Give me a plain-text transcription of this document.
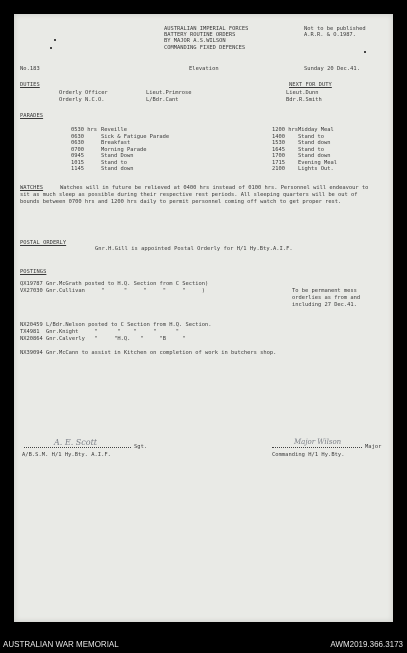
AUSTRALIAN IMPERIAL FORCES
BATTERY ROUTINE ORDERS
BY MAJOR A.S.WILSON
COMMANDING FIXED DEFENCES
Not to be published
A.R.R. & O.1987.
No.183	Elevation	Sunday 20 Dec.41.
DUTIES	NEXT FOR DUTY
Orderly Officer	Lieut.Primrose	Lieut.Dunn
Orderly N.C.O.	L/Bdr.Cant	Bdr.R.Smith
PARADES
0530 hrs Reveille	1200 hrs Midday Meal
0630	Sick & Fatigue Parade	1400 Stand to
0630	Breakfast	1530 Stand down
0700	Morning Parade	1645 Stand to
0945	Stand Down	1700 Stand down
1015	Stand to	1715 Evening Meal
1145	Stand down	2100 Lights Out.
WATCHES	Watches will in future be relieved at 0400 hrs instead of 0100 hrs. Personnel will endeavour to sit as much sleep as possible during their respective rest periods. All sleeping quarters will be out of bounds between 0700 hrs and 1200 hrs daily to permit personnel coming off watch to get proper rest.
POSTAL ORDERLY
Gnr.H.Gill is appointed Postal Orderly for H/1 Hy.Bty.A.I.F.
POSTINGS
QX19787 Gnr.McGrath posted to H.Q. Section from C Section)
VX27030 Gnr.Cullivan     "      "     "     "     "     )	To be permanent mess
orderlies as from and
including 27 Dec.41.
NX20459 L/Bdr.Nelson posted to C Section from H.Q. Section.
TX4981  Gnr.Knight     "      "    "     "      "
NX20864 Gnr.Calverly   "     "H.Q.   "     "B     "
NX39094 Gnr.McCann to assist in Kitchen on completion of work in butchers shop.
A. E. Scott	Sgt.
A/B.S.M. H/1 Hy.Bty. A.I.F.
Major Wilson
Major
Commanding H/1 Hy.Bty.
AUSTRALIAN WAR MEMORIAL	AWM2019.366.3173
